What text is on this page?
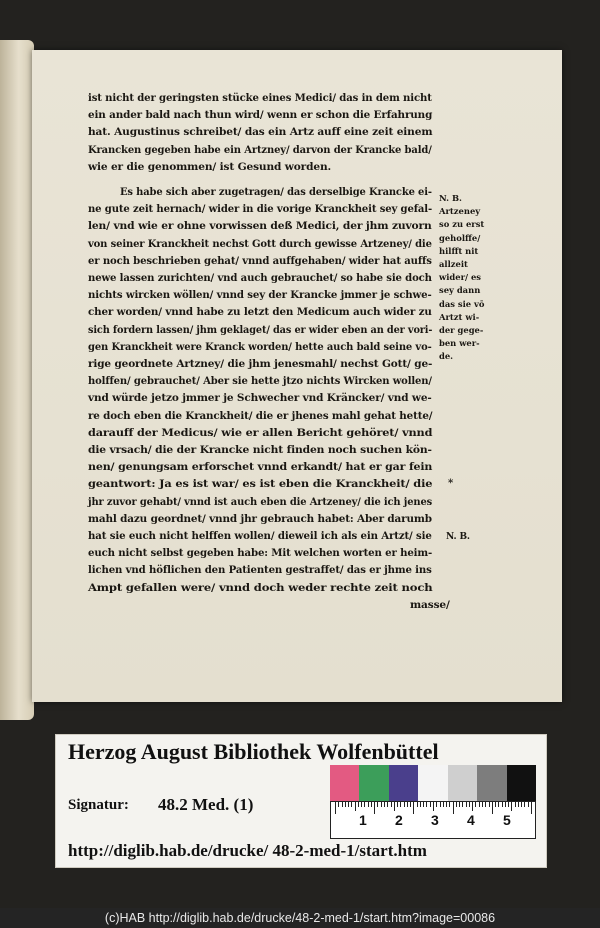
ist nicht der geringsten stücke eines Medici/ das in dem nicht
ein ander bald nach thun wird/ wenn er schon die Erfahrung
hat. Augustinus schreibet/ das ein Artz auff eine zeit einem
Krancken gegeben habe ein Artzney/ darvon der Krancke bald/
wie er die genommen/ ist Gesund worden.
Es habe sich aber zugetragen/ das derselbige Krancke ei-
ne gute zeit hernach/ wider in die vorige Kranckheit sey gefal-
len/ vnd wie er ohne vorwissen deß Medici, der jhm zuvorn
von seiner Kranckheit nechst Gott durch gewisse Artzeney/ die
er noch beschrieben gehat/ vnnd auffgehaben/ wider hat auffs
newe lassen zurichten/ vnd auch gebrauchet/ so habe sie doch
nichts wircken wöllen/ vnnd sey der Krancke jmmer je schwe-
cher worden/ vnnd habe zu letzt den Medicum auch wider zu
sich fordern lassen/ jhm geklaget/ das er wider eben an der vori-
gen Kranckheit were Kranck worden/ hette auch bald seine vo-
rige geordnete Artzney/ die jhm jenesmahl/ nechst Gott/ ge-
holffen/ gebrauchet/ Aber sie hette jtzo nichts Wircken wollen/
vnd würde jetzo jmmer je Schwecher vnd Kräncker/ vnd we-
re doch eben die Kranckheit/ die er jhenes mahl gehat hette/
darauff der Medicus/ wie er allen Bericht gehöret/ vnnd
die vrsach/ die der Krancke nicht finden noch suchen kön-
nen/ genungsam erforschet vnnd erkandt/ hat er gar fein
geantwort: Ja es ist war/ es ist eben die Kranckheit/ die
jhr zuvor gehabt/ vnnd ist auch eben die Artzeney/ die ich jenes
mahl dazu geordnet/ vnnd jhr gebrauch habet: Aber darumb
hat sie euch nicht helffen wollen/ dieweil ich als ein Artzt/ sie
euch nicht selbst gegeben habe: Mit welchen worten er heim-
lichen vnd höflichen den Patienten gestraffet/ das er jhme ins
Ampt gefallen were/ vnnd doch weder rechte zeit noch
masse/
N. B.
Artzeney
so zu erst
geholffe/
hilfft nit
allzeit
wider/ es
sey dann
das sie vō
Artzt wi-
der gege-
ben wer-
de.
*
N. B.
Herzog August Bibliothek Wolfenbüttel
Signatur: 48.2 Med. (1)
1 2 3 4 5
http://diglib.hab.de/drucke/ 48-2-med-1/start.htm
(c)HAB http://diglib.hab.de/drucke/48-2-med-1/start.htm?image=00086
